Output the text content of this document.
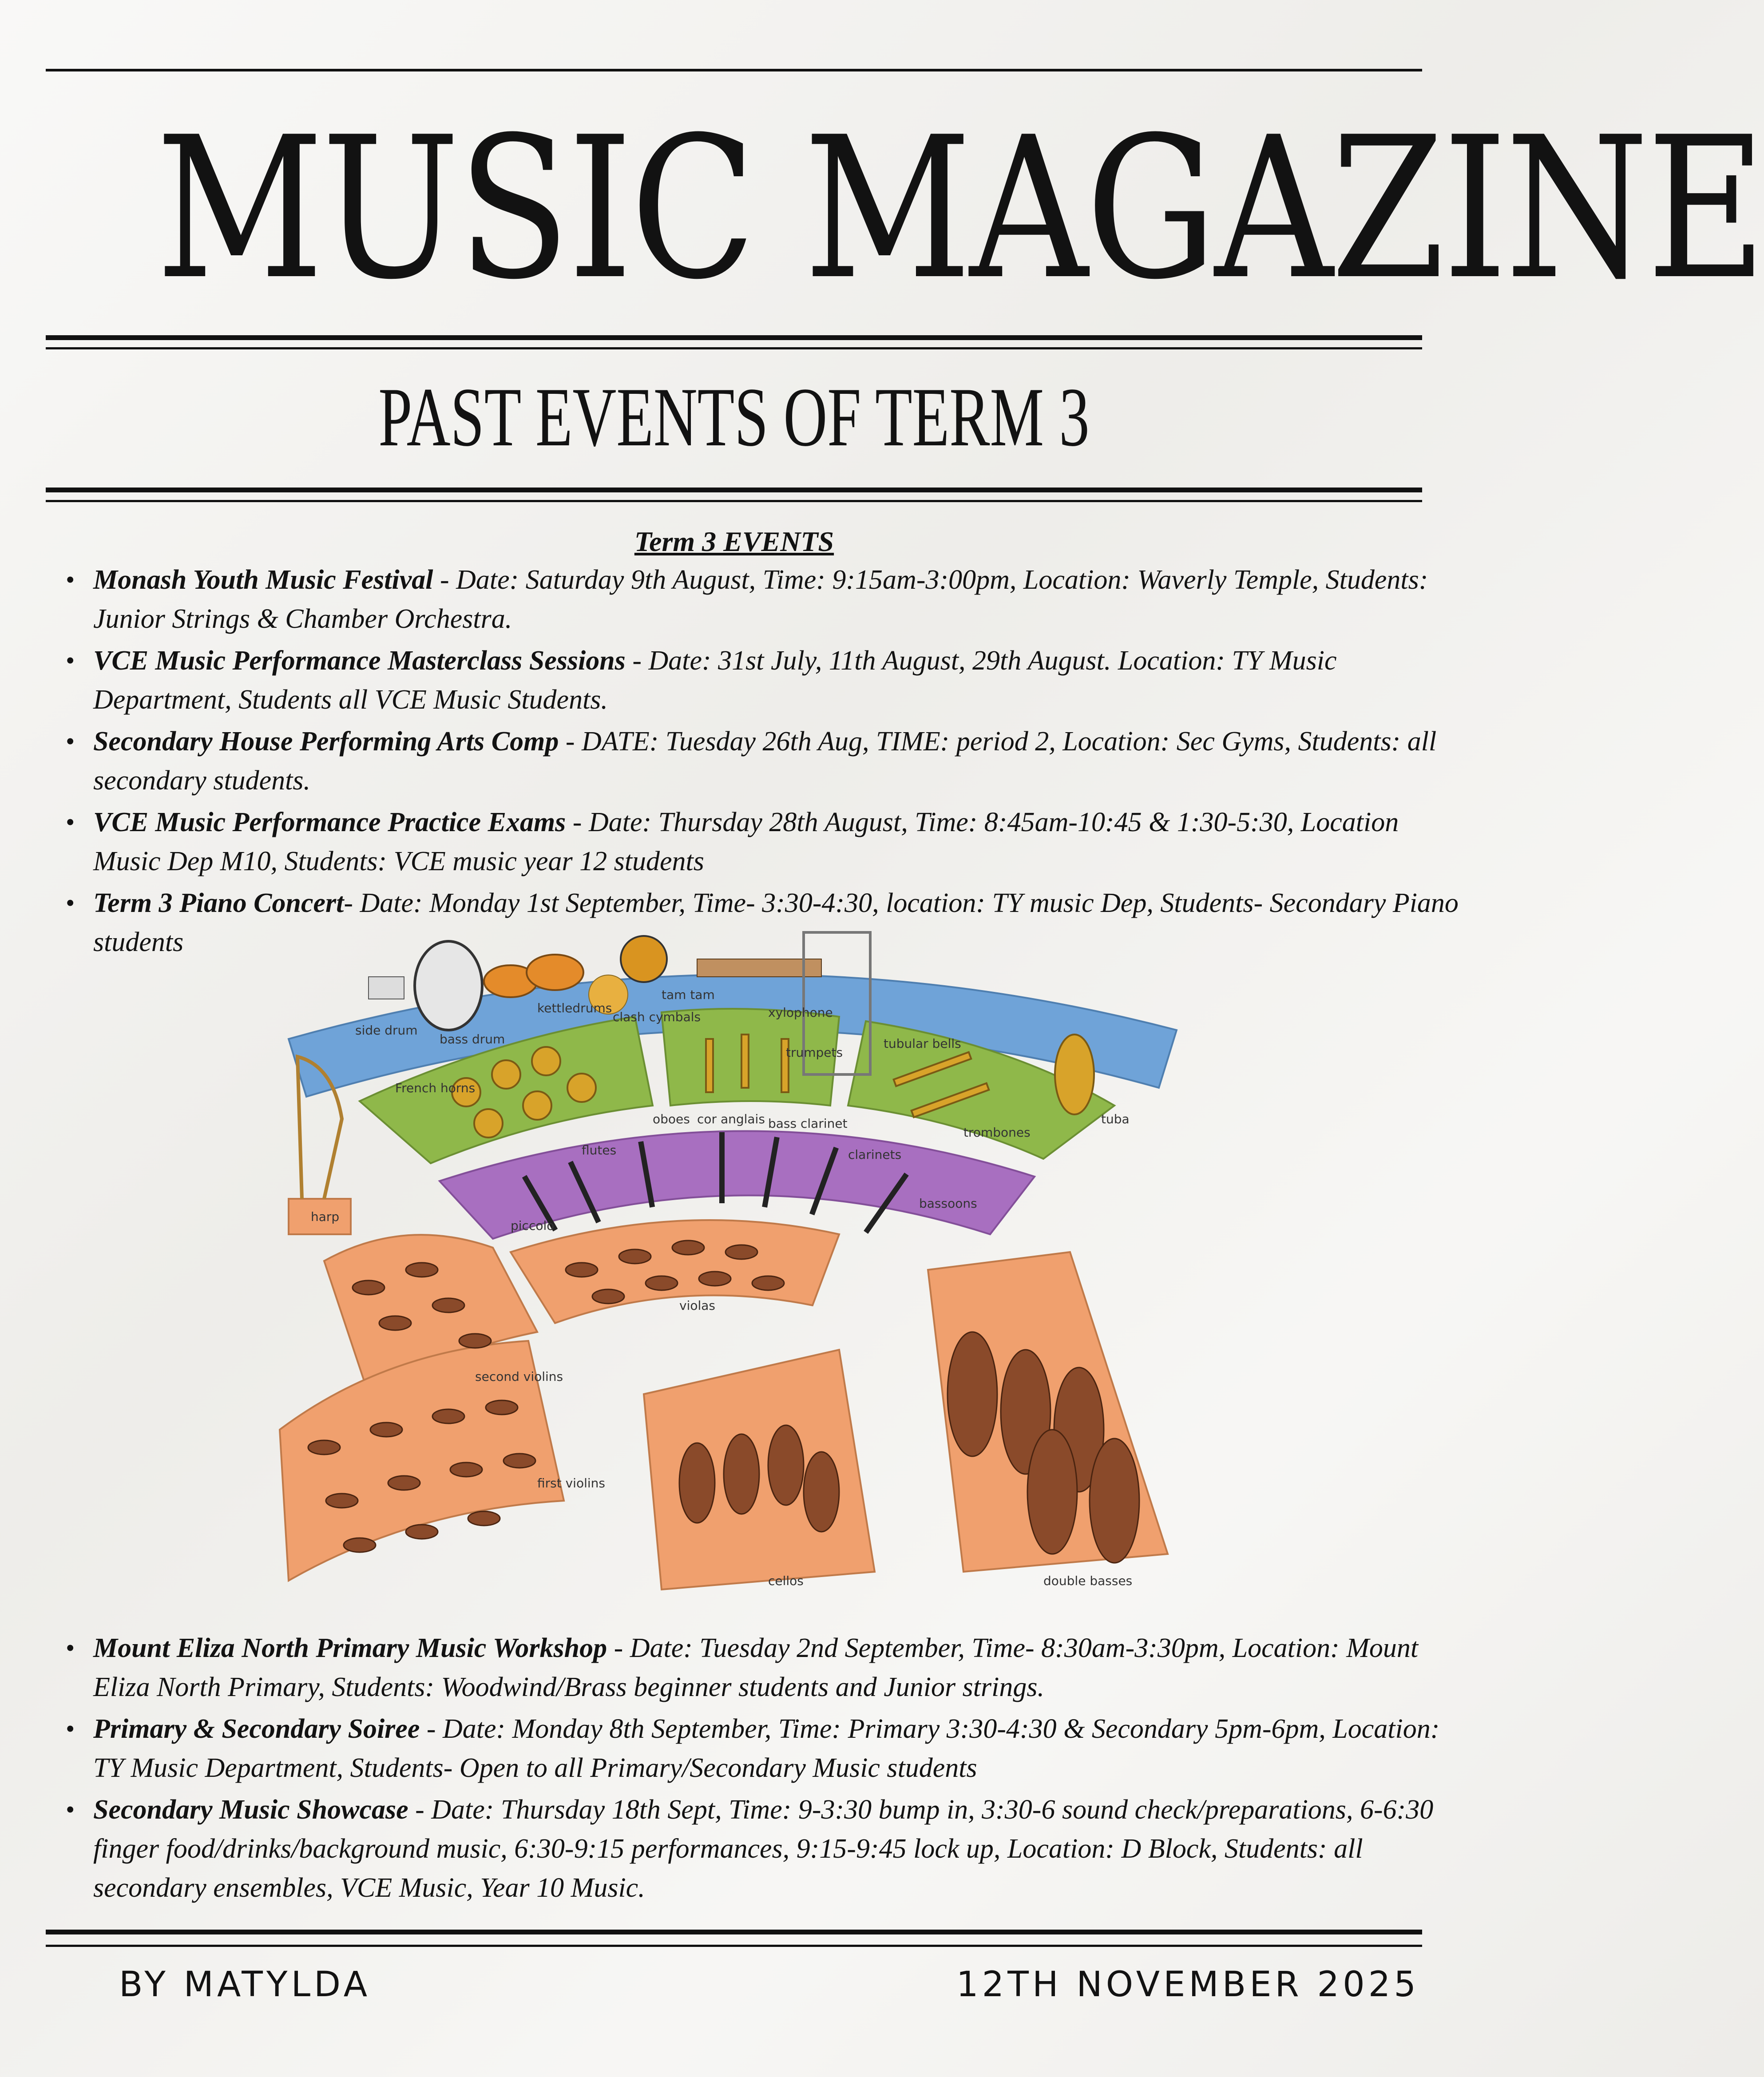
MUSIC MAGAZINE
PAST EVENTS OF TERM 3
Term 3 EVENTS
• Monash Youth Music Festival - Date: Saturday 9th August, Time: 9:15am-3:00pm, Location: Waverly Temple, Students: Junior Strings & Chamber Orchestra.
• VCE Music Performance Masterclass Sessions - Date: 31st July, 11th August, 29th August. Location: TY Music Department, Students all VCE Music Students.
• Secondary House Performing Arts Comp - DATE: Tuesday 26th Aug, TIME: period 2, Location: Sec Gyms, Students: all secondary students.
• VCE Music Performance Practice Exams - Date: Thursday 28th August, Time: 8:45am-10:45 & 1:30-5:30, Location Music Dep M10, Students: VCE music year 12 students
• Term 3 Piano Concert- Date: Monday 1st September, Time- 3:30-4:30, location: TY music Dep, Students- Secondary Piano students
side drum
bass drum
kettledrums
clash cymbals
tam tam
xylophone
tubular bells
French horns
trumpets
trombones
tuba
harp
flutes
oboes cor anglais bass clarinet
clarinets
bassoons
piccolo
violas
second violins
first violins
cellos	double basses
• Mount Eliza North Primary Music Workshop - Date: Tuesday 2nd September, Time- 8:30am-3:30pm, Location: Mount Eliza North Primary, Students: Woodwind/Brass beginner students and Junior strings.
• Primary & Secondary Soiree - Date: Monday 8th September, Time: Primary 3:30-4:30 & Secondary 5pm-6pm, Location: TY Music Department, Students- Open to all Primary/Secondary Music students
• Secondary Music Showcase - Date: Thursday 18th Sept, Time: 9-3:30 bump in, 3:30-6 sound check/preparations, 6-6:30 finger food/drinks/background music, 6:30-9:15 performances, 9:15-9:45 lock up, Location: D Block, Students: all secondary ensembles, VCE Music, Year 10 Music.
BY MATYLDA	12TH NOVEMBER 2025
